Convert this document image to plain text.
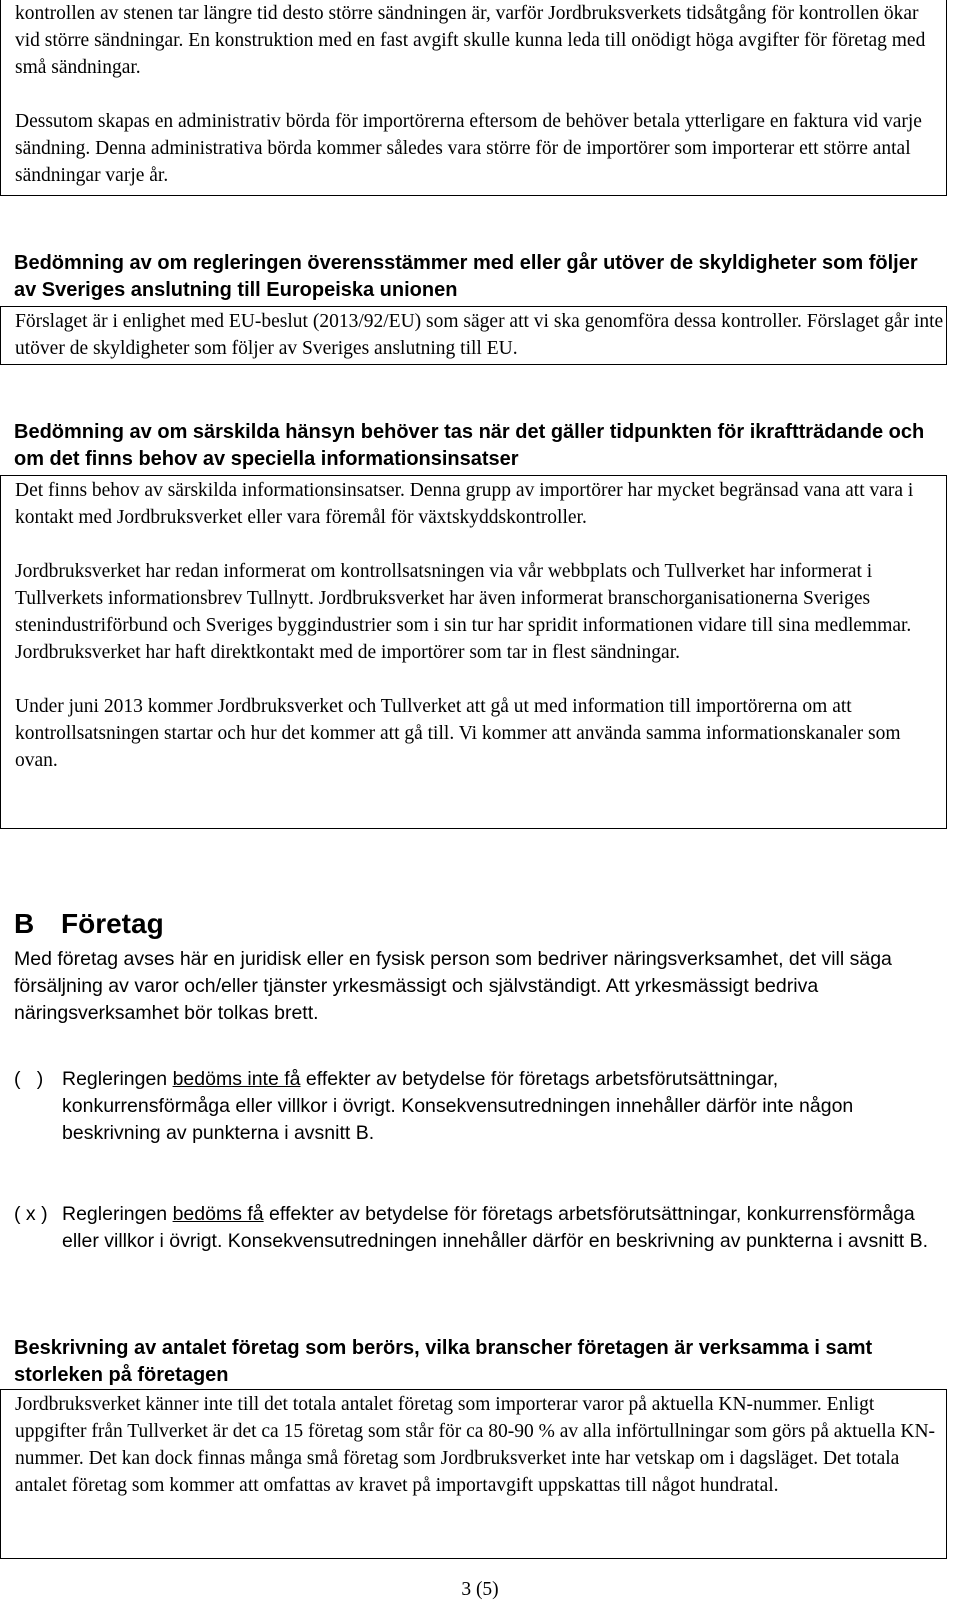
kontrollen av stenen tar längre tid desto större sändningen är, varför Jordbruksverkets tidsåtgång för kontrollen ökar vid större sändningar. En konstruktion med en fast avgift skulle kunna leda till onödigt höga avgifter för företag med små sändningar.

Dessutom skapas en administrativ börda för importörerna eftersom de behöver betala ytterligare en faktura vid varje sändning. Denna administrativa börda kommer således vara större för de importörer som importerar ett större antal sändningar varje år.

Bedömning av om regleringen överensstämmer med eller går utöver de skyldigheter som följer av Sveriges anslutning till Europeiska unionen

Förslaget är i enlighet med EU-beslut (2013/92/EU) som säger att vi ska genomföra dessa kontroller. Förslaget går inte utöver de skyldigheter som följer av Sveriges anslutning till EU.

Bedömning av om särskilda hänsyn behöver tas när det gäller tidpunkten för ikraftträdande och om det finns behov av speciella informationsinsatser

Det finns behov av särskilda informationsinsatser. Denna grupp av importörer har mycket begränsad vana att vara i kontakt med Jordbruksverket eller vara föremål för växtskyddskontroller.

Jordbruksverket har redan informerat om kontrollsatsningen via vår webbplats och Tullverket har informerat i Tullverkets informationsbrev Tullnytt. Jordbruksverket har även informerat branschorganisationerna Sveriges stenindustriförbund och Sveriges byggindustrier som i sin tur har spridit informationen vidare till sina medlemmar. Jordbruksverket har haft direktkontakt med de importörer som tar in flest sändningar.

Under juni 2013 kommer Jordbruksverket och Tullverket att gå ut med information till importörerna om att kontrollsatsningen startar och hur det kommer att gå till. Vi kommer att använda samma informationskanaler som ovan.

B Företag

Med företag avses här en juridisk eller en fysisk person som bedriver näringsverksamhet, det vill säga försäljning av varor och/eller tjänster yrkesmässigt och självständigt. Att yrkesmässigt bedriva näringsverksamhet bör tolkas brett.

(   ) Regleringen bedöms inte få effekter av betydelse för företags arbetsförutsättningar, konkurrensförmåga eller villkor i övrigt. Konsekvensutredningen innehåller därför inte någon beskrivning av punkterna i avsnitt B.
( x ) Regleringen bedöms få effekter av betydelse för företags arbetsförutsättningar, konkurrensförmåga eller villkor i övrigt. Konsekvensutredningen innehåller därför en beskrivning av punkterna i avsnitt B.
Beskrivning av antalet företag som berörs, vilka branscher företagen är verksamma i samt storleken på företagen

Jordbruksverket känner inte till det totala antalet företag som importerar varor på aktuella KN-nummer. Enligt uppgifter från Tullverket är det ca 15 företag som står för ca 80-90 % av alla införtullningar som görs på aktuella KN-nummer. Det kan dock finnas många små företag som Jordbruksverket inte har vetskap om i dagsläget. Det totala antalet företag som kommer att omfattas av kravet på importavgift uppskattas till något hundratal.

3 (5)
